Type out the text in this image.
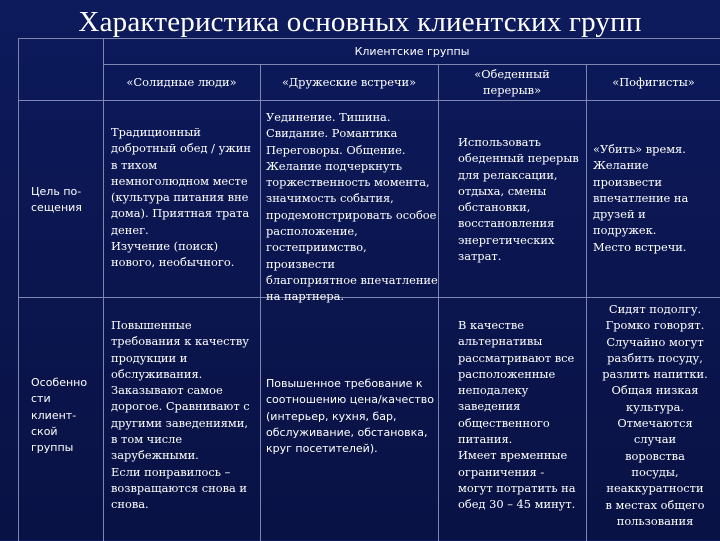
Характеристика основных клиентских групп
Клиентские группы
«Солидные люди»	«Дружеские встречи»
«Обеденный
перерыв»
«Пофигисты»
Цель по-
сещения
Традиционный
добротный обед / ужин
в тихом
немноголюдном месте
(культура питания вне
дома). Приятная трата
денег.
Изучение (поиск)
нового, необычного.
Уединение. Тишина.
Свидание. Романтика
Переговоры. Общение.
Желание подчеркнуть
торжественность момента,
значимость события,
продемонстрировать особое
расположение,
гостеприимство, произвести
благоприятное впечатление
на партнера.
Использовать
обеденный перерыв
для релаксации,
отдыха, смены
обстановки,
восстановления
энергетических
затрат.
«Убить» время.
Желание
произвести
впечатление на
друзей и
подружек.
Место встречи.
Особенно
сти
клиент-
ской
группы
Повышенные
требования к качеству
продукции и
обслуживания.
Заказывают самое
дорогое. Сравнивают с
другими заведениями,
в том числе
зарубежными.
Если понравилось –
возвращаются снова и
снова.
Повышенное требование к
соотношению цена/качество
(интерьер, кухня, бар,
обслуживание, обстановка,
круг посетителей).
В качестве
альтернативы
рассматривают все
расположенные
неподалеку
заведения
общественного
питания.
Имеет временные
ограничения -
могут потратить на
обед 30 – 45 минут.
Сидят подолгу.
Громко говорят.
Случайно могут
разбить посуду,
разлить напитки.
Общая низкая
культура.
Отмечаются
случаи
воровства
посуды,
неаккуратности
в местах общего
пользования
